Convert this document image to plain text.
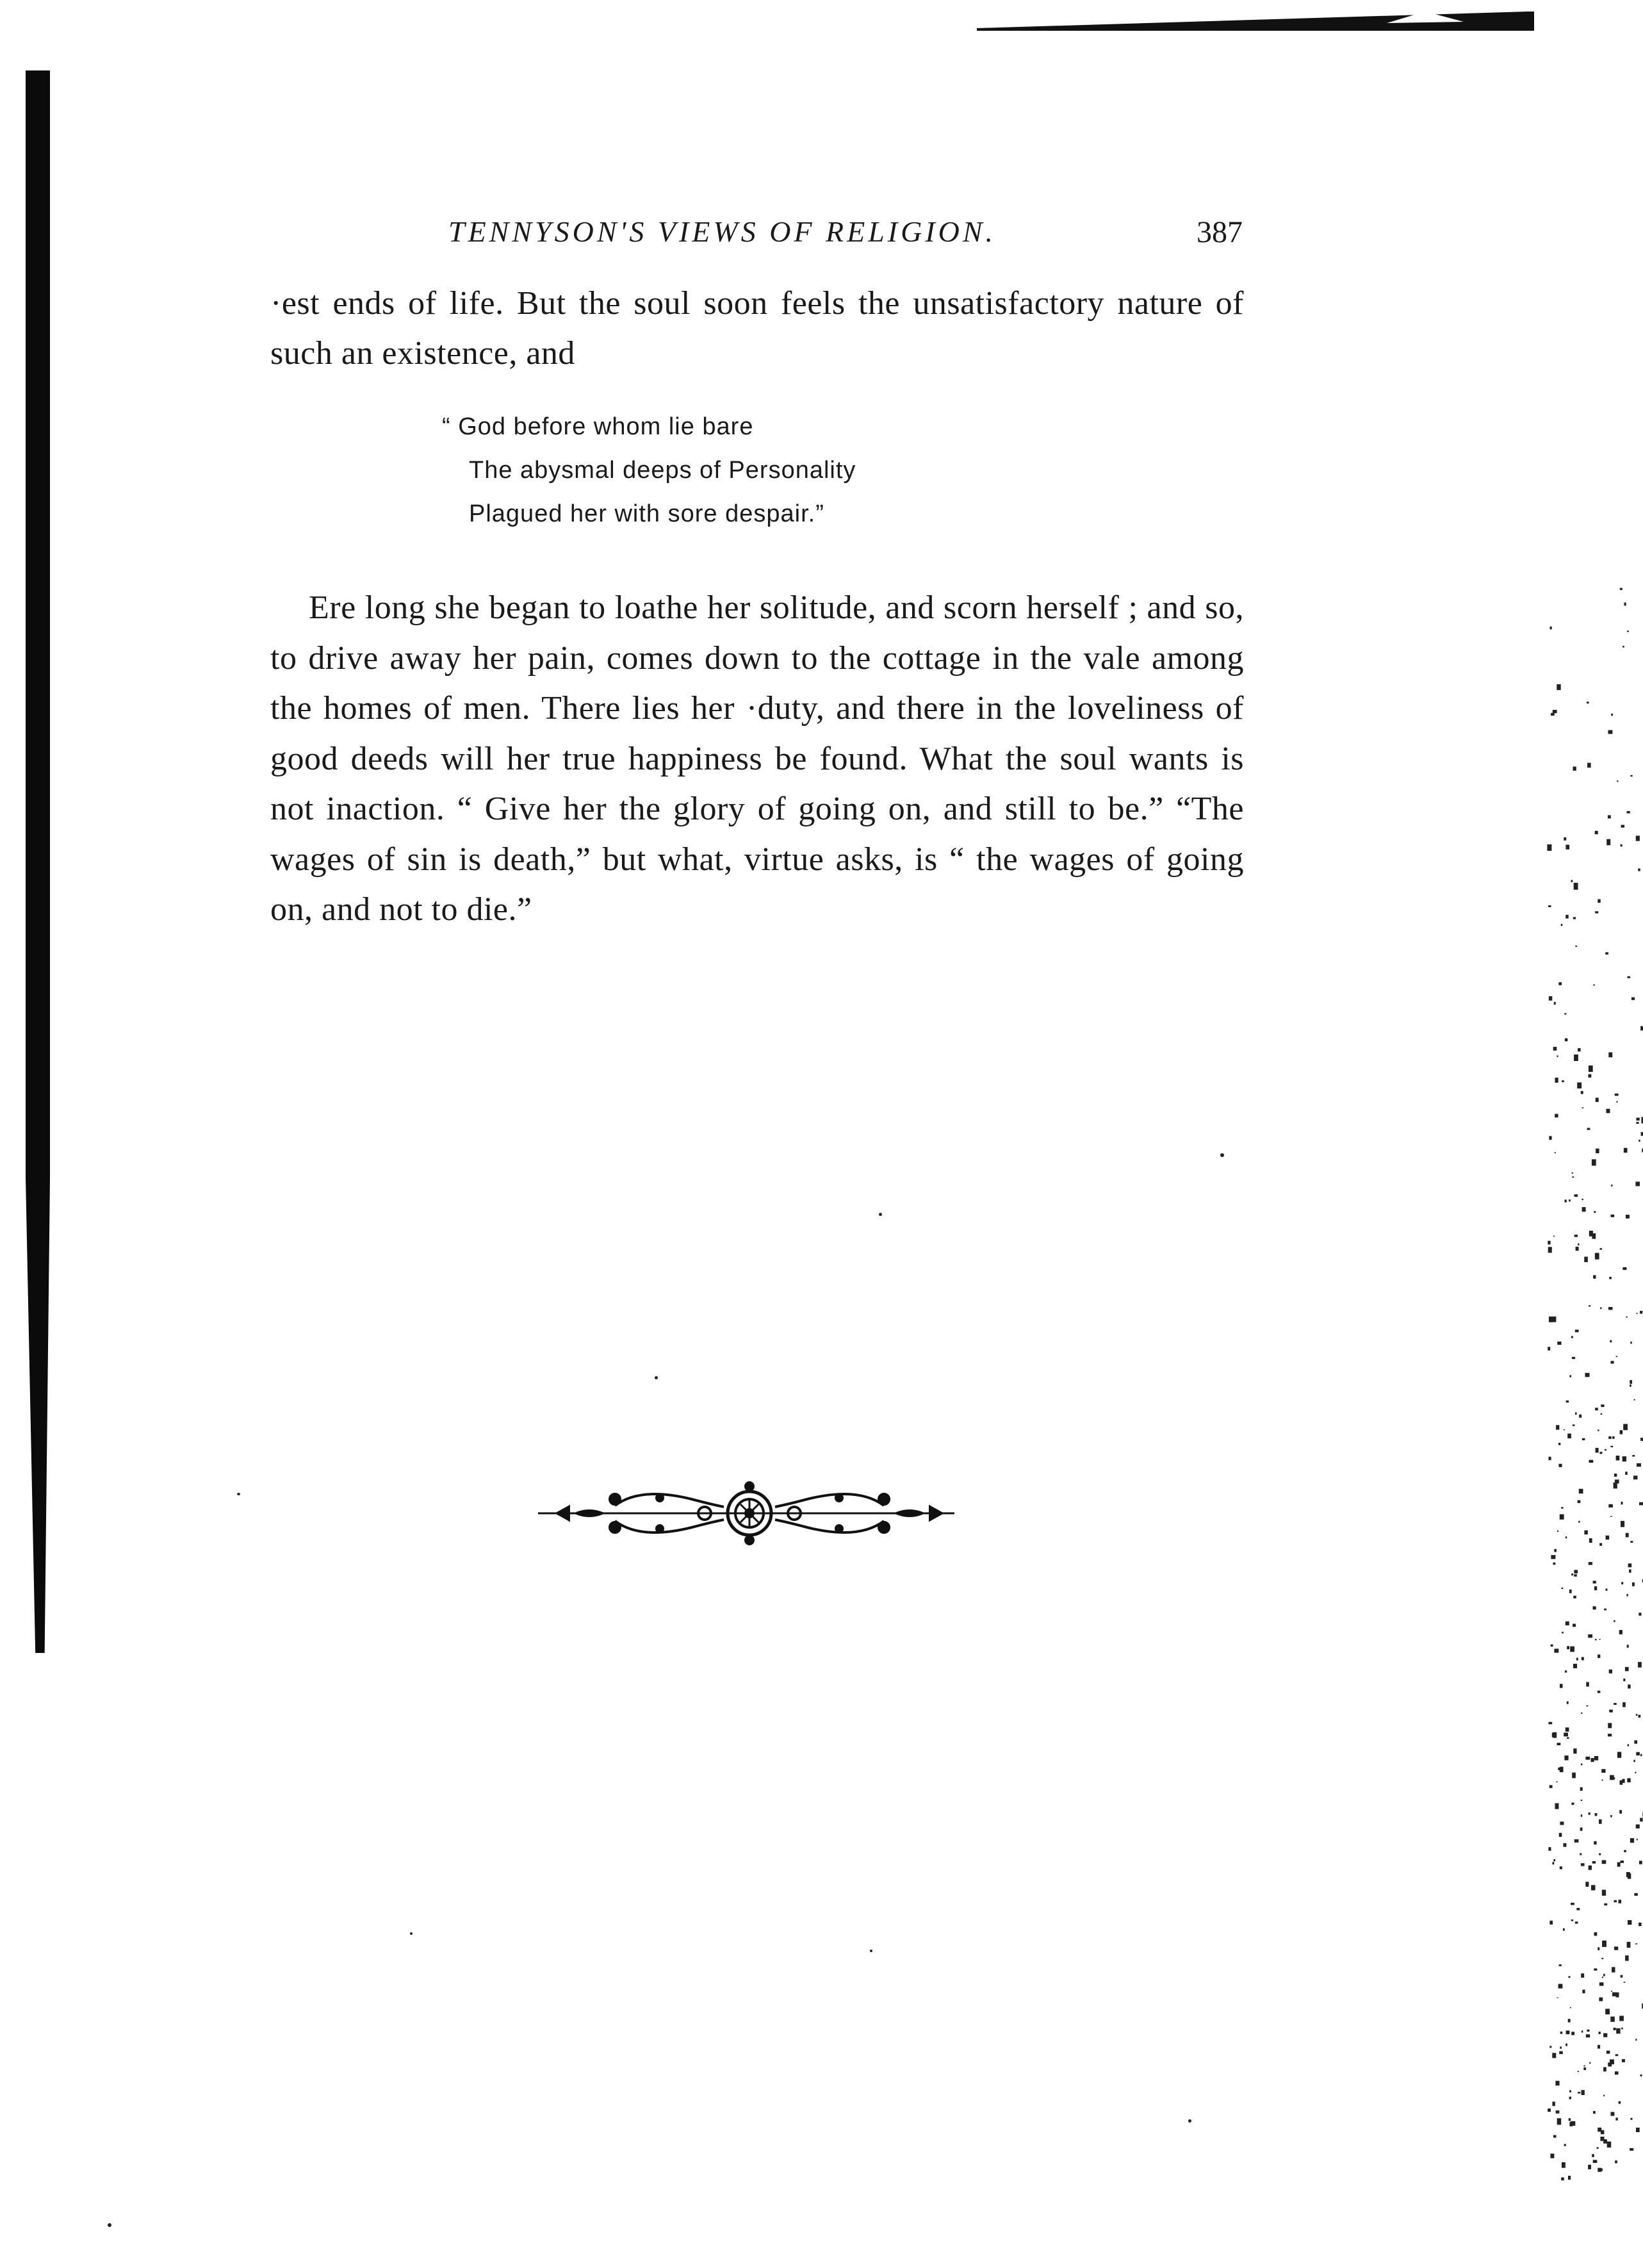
TENNYSON'S VIEWS OF RELIGION.	387

·est ends of life. But the soul soon feels the unsatisfactory nature of such an existence, and

“ God before whom lie bare
The abysmal deeps of Personality
Plagued her with sore despair.”

Ere long she began to loathe her solitude, and scorn herself ; and so, to drive away her pain, comes down to the cottage in the vale among the homes of men. There lies her ·duty, and there in the loveliness of good deeds will her true happiness be found. What the soul wants is not inaction. “ Give her the glory of going on, and still to be.” “The wages of sin is death,” but what, virtue asks, is “ the wages of going on, and not to die.”
